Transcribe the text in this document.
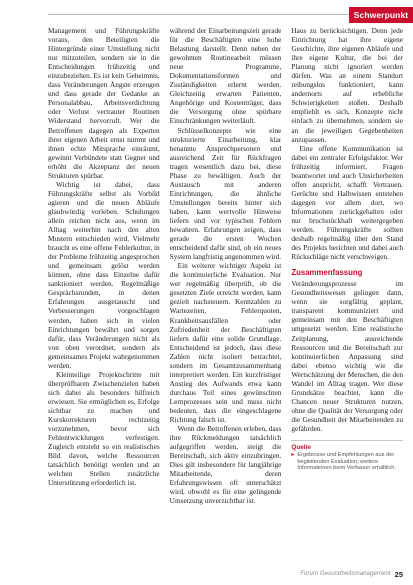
Schwerpunkt

Management und Führungskräfte voraus, den Beteiligten die Hintergründe einer Umstellung nicht nur mitzuteilen, sondern sie in die Entscheidungen frühzeitig und einzubeziehen. Es ist kein Geheimnis, dass Veränderungen Ängste erzeugen und dass gerade der Gedanke an Personalabbau, Arbeitsverdichtung oder Verlust vertrauter Routinen Widerstand hervorruft. Wer die Betroffenen dagegen als Experten ihrer eigenen Arbeit ernst nimmt und ihnen echte Mitsprache einräumt, gewinnt Verbündete statt Gegner und erhöht die Akzeptanz der neuen Strukturen spürbar.

Wichtig ist dabei, dass Führungskräfte selbst als Vorbild agieren und die neuen Abläufe glaubwürdig vorleben. Schulungen allein reichen nicht aus, wenn im Alltag weiterhin nach den alten Mustern entschieden wird. Vielmehr braucht es eine offene Fehlerkultur, in der Probleme frühzeitig angesprochen und gemeinsam gelöst werden können, ohne dass Einzelne dafür sanktioniert werden. Regelmäßige Gesprächsrunden, in denen Erfahrungen ausgetauscht und Verbesserungen vorgeschlagen werden, haben sich in vielen Einrichtungen bewährt und sorgen dafür, dass Veränderungen nicht als von oben verordnet, sondern als gemeinsames Projekt wahrgenommen werden.

Kleinteilige Projektschritte mit überprüfbaren Zwischenzielen haben sich dabei als besonders hilfreich erwiesen. Sie ermöglichen es, Erfolge sichtbar zu machen und Kurskorrekturen rechtzeitig vorzunehmen, bevor sich Fehlentwicklungen verfestigen. Zugleich entsteht so ein realistisches Bild davon, welche Ressourcen tatsächlich benötigt werden und an welchen Stellen zusätzliche Unterstützung erforderlich ist.

während der Einarbeitungszeit gerade für die Beschäftigten eine hohe Belastung darstellt. Denn neben der gewohnten Routinearbeit müssen neue Programme, Dokumentationsformen und Zuständigkeiten erlernt werden. Gleichzeitig erwarten Patienten, Angehörige und Kostenträger, dass die Versorgung ohne spürbare Einschränkungen weiterläuft.

Schlüsselkonzepte wie eine strukturierte Einarbeitung, klar benannte Ansprechpersonen und ausreichend Zeit für Rückfragen tragen wesentlich dazu bei, diese Phase zu bewältigen. Auch der Austausch mit anderen Einrichtungen, die ähnliche Umstellungen bereits hinter sich haben, kann wertvolle Hinweise liefern und vor typischen Fehlern bewahren. Erfahrungen zeigen, dass gerade die ersten Wochen entscheidend dafür sind, ob ein neues System langfristig angenommen wird.

Ein weiterer wichtiger Aspekt ist die kontinuierliche Evaluation. Nur wer regelmäßig überprüft, ob die gesetzten Ziele erreicht werden, kann gezielt nachsteuern. Kennzahlen zu Wartezeiten, Fehlerquoten, Krankheitsausfällen oder Zufriedenheit der Beschäftigten liefern dafür eine solide Grundlage. Entscheidend ist jedoch, dass diese Zahlen nicht isoliert betrachtet, sondern im Gesamtzusammenhang interpretiert werden. Ein kurzfristiger Anstieg des Aufwands etwa kann durchaus Teil eines gewünschten Lernprozesses sein und muss nicht bedeuten, dass die eingeschlagene Richtung falsch ist.

Wenn die Betroffenen erleben, dass ihre Rückmeldungen tatsächlich aufgegriffen werden, steigt die Bereitschaft, sich aktiv einzubringen. Dies gilt insbesondere für langjährige Mitarbeitende, deren Erfahrungswissen oft unterschätzt wird, obwohl es für eine gelingende Umsetzung unverzichtbar ist.

Haus zu berücksichtigen. Denn jede Einrichtung hat ihre eigene Geschichte, ihre eigenen Abläufe und ihre eigene Kultur, die bei der Planung nicht ignoriert werden dürfen. Was an einem Standort reibungslos funktioniert, kann andernorts auf erhebliche Schwierigkeiten stoßen. Deshalb empfiehlt es sich, Konzepte nicht einfach zu übernehmen, sondern sie an die jeweiligen Gegebenheiten anzupassen.

Eine offene Kommunikation ist dabei ein zentraler Erfolgsfaktor. Wer frühzeitig informiert, Fragen beantwortet und auch Unsicherheiten offen anspricht, schafft Vertrauen. Gerüchte und Halbwissen entstehen dagegen vor allem dort, wo Informationen zurückgehalten oder nur bruchstückhaft weitergegeben werden. Führungskräfte sollten deshalb regelmäßig über den Stand des Projekts berichten und dabei auch Rückschläge nicht verschweigen.

Zusammenfassung

Veränderungsprozesse im Gesundheitswesen gelingen dann, wenn sie sorgfältig geplant, transparent kommuniziert und gemeinsam mit den Beschäftigten umgesetzt werden. Eine realistische Zeitplanung, ausreichende Ressourcen und die Bereitschaft zur kontinuierlichen Anpassung sind dabei ebenso wichtig wie die Wertschätzung der Menschen, die den Wandel im Alltag tragen. Wer diese Grundsätze beachtet, kann die Chancen neuer Strukturen nutzen, ohne die Qualität der Versorgung oder die Gesundheit der Mitarbeitenden zu gefährden.

Quelle
▸ Ergebnisse und Empfehlungen aus der begleitenden Evaluation; weitere Informationen beim Verfasser erhältlich.
Forum Gesundheitsmanagement 25
